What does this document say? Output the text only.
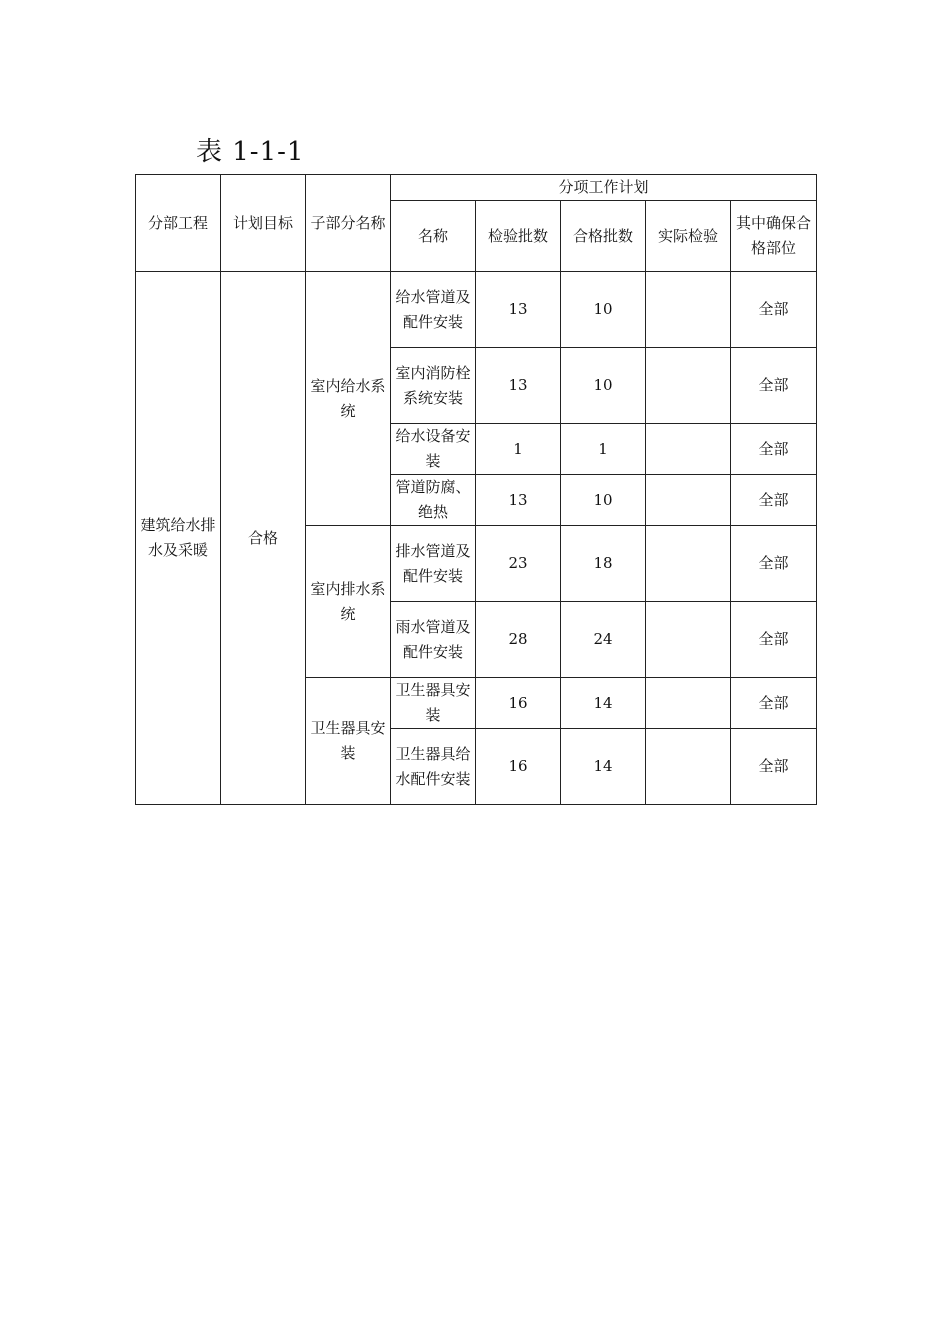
表 1-1-1
分部工程	计划目标	子部分名称	分项工作计划				
			名称	检验批数	合格批数	实际检验	其中确保合格部位
建筑给水排水及采暖	合格	室内给水系统	给水管道及配件安装	13	10		全部
			室内消防栓系统安装	13	10		全部
			给水设备安装	1	1		全部
			管道防腐、绝热	13	10		全部
		室内排水系统	排水管道及配件安装	23	18		全部
			雨水管道及配件安装	28	24		全部
		卫生器具安装	卫生器具安装	16	14		全部
			卫生器具给水配件安装	16	14		全部
